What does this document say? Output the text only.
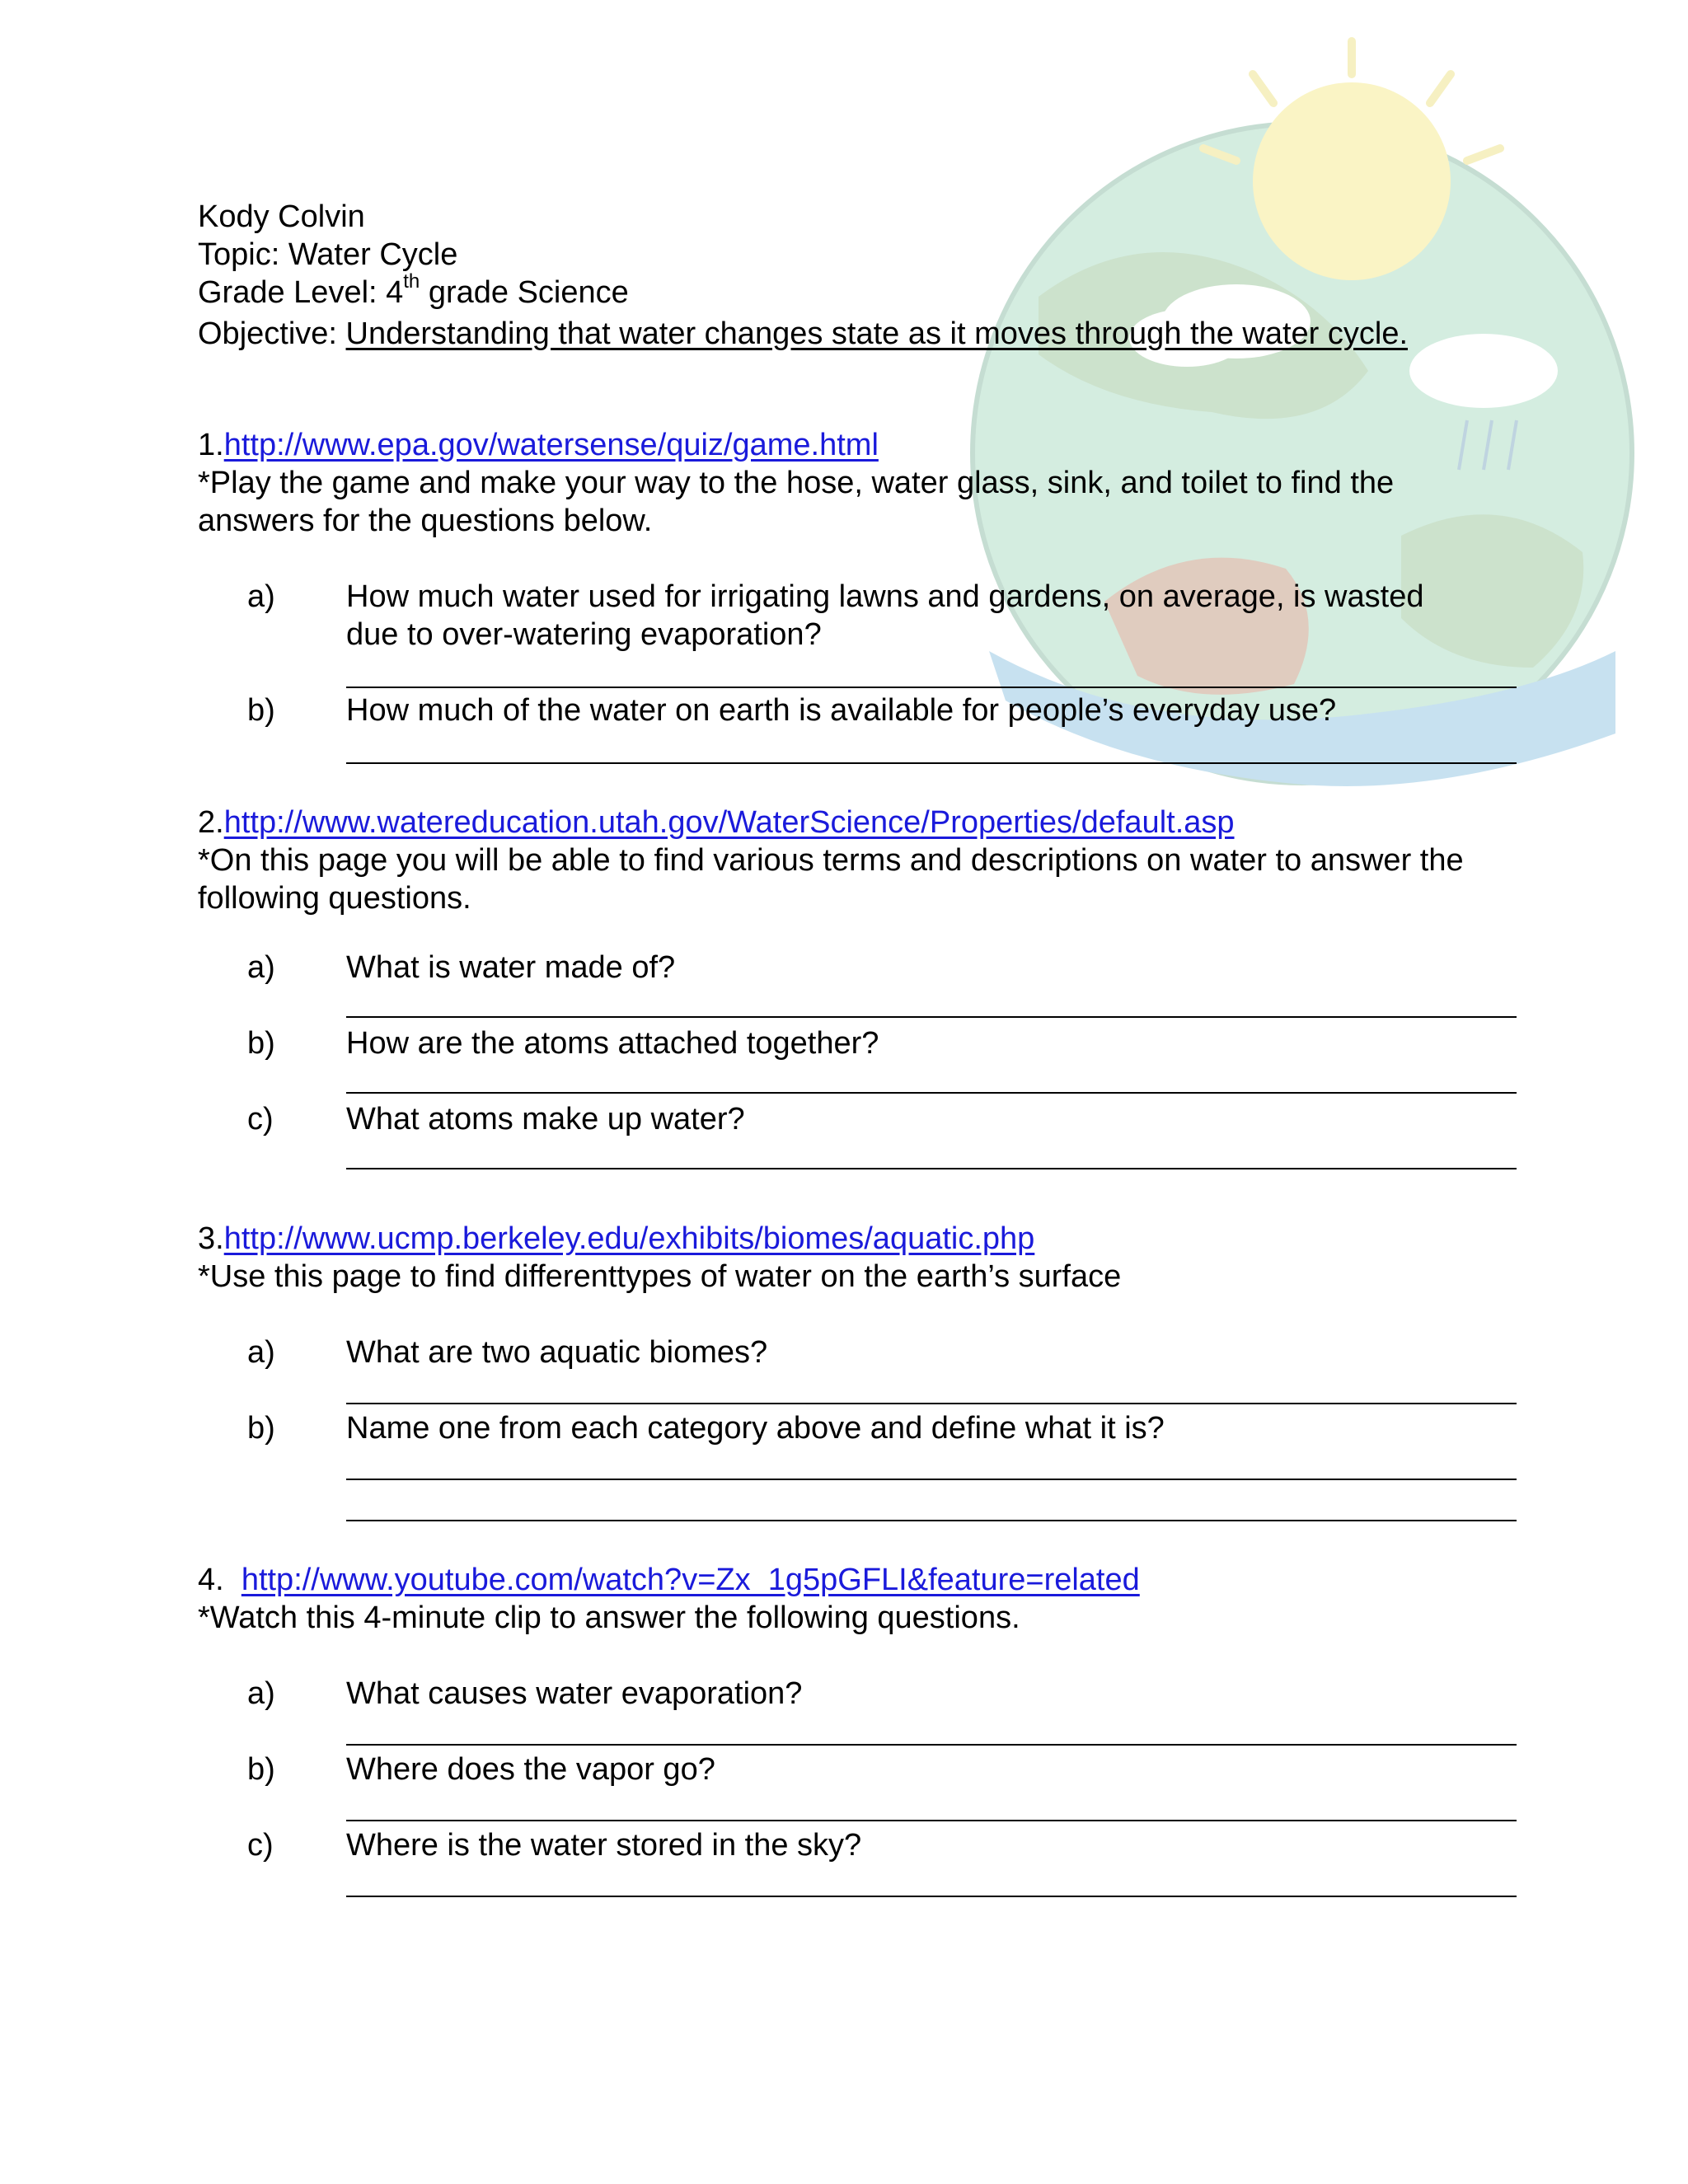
Kody Colvin
Topic: Water Cycle
Grade Level: 4th grade Science
Objective: Understanding that water changes state as it moves through the water cycle.
1.http://www.epa.gov/watersense/quiz/game.html

*Play the game and make your way to the hose, water glass, sink, and toilet to find the answers for the questions below.

a)	How much water used for irrigating lawns and gardens, on average, is wasted due to over-watering evaporation?
b)	How much of the water on earth is available for people’s everyday use?
2.http://www.watereducation.utah.gov/WaterScience/Properties/default.asp

*On this page you will be able to find various terms and descriptions on water to answer the following questions.

a)	What is water made of?
b)	How are the atoms attached together?
c)	What atoms make up water?
3.http://www.ucmp.berkeley.edu/exhibits/biomes/aquatic.php

*Use this page to find differenttypes of water on the earth’s surface

a)	What are two aquatic biomes?
b)	Name one from each category above and define what it is?
4.  http://www.youtube.com/watch?v=Zx_1g5pGFLI&feature=related

*Watch this 4-minute clip to answer the following questions.

a)	What causes water evaporation?
b)	Where does the vapor go?
c)	Where is the water stored in the sky?
